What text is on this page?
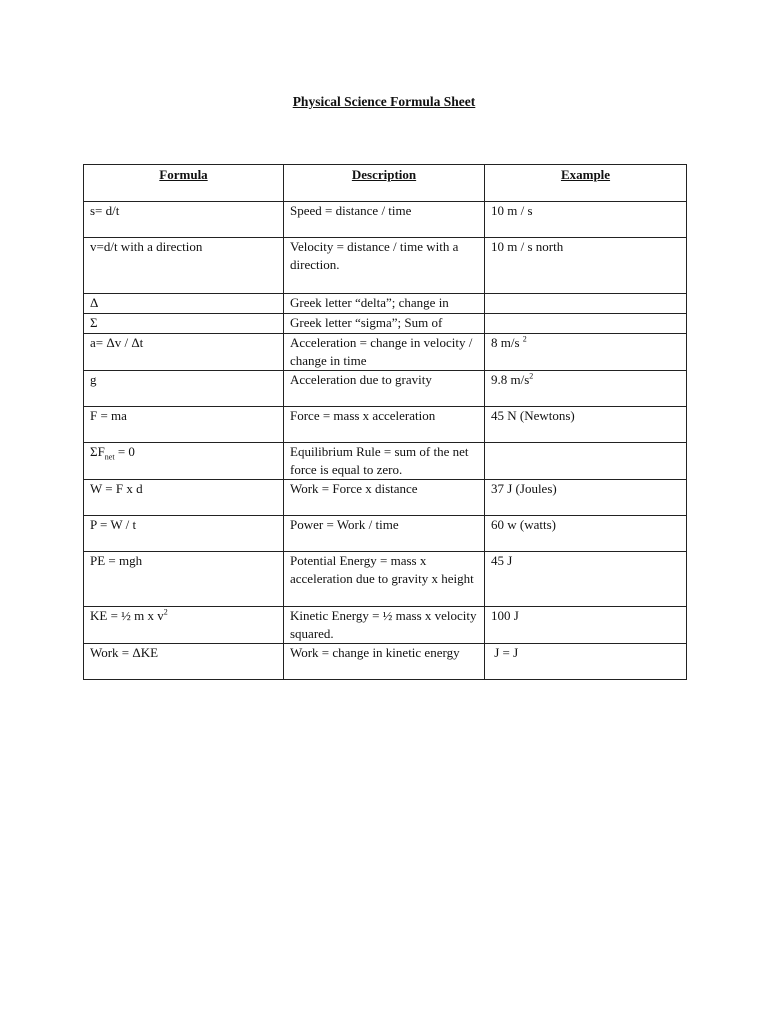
Physical Science Formula Sheet
Formula	Description	Example
s= d/t	Speed = distance / time	10 m / s
v=d/t with a direction	Velocity = distance / time with a direction.	10 m / s north
Δ	Greek letter “delta”; change in	
Σ	Greek letter “sigma”; Sum of	
a= Δv / Δt	Acceleration = change in velocity / change in time	8 m/s $^2$
g	Acceleration due to gravity	9.8 $m/s^2$
F = ma	Force = mass x acceleration	45 N (Newtons)
$\Sigma F_{net} = 0$	Equilibrium Rule = sum of the net force is equal to zero.	
W = F x d	Work = Force x distance	37 J (Joules)
P = W / t	Power = Work / time	60 w (watts)
PE = mgh	Potential Energy = mass x acceleration due to gravity x height	45 J
KE = ½ m x $v^2$	Kinetic Energy = ½ mass x velocity squared.	100 J
Work = ΔKE	Work = change in kinetic energy	J = J
